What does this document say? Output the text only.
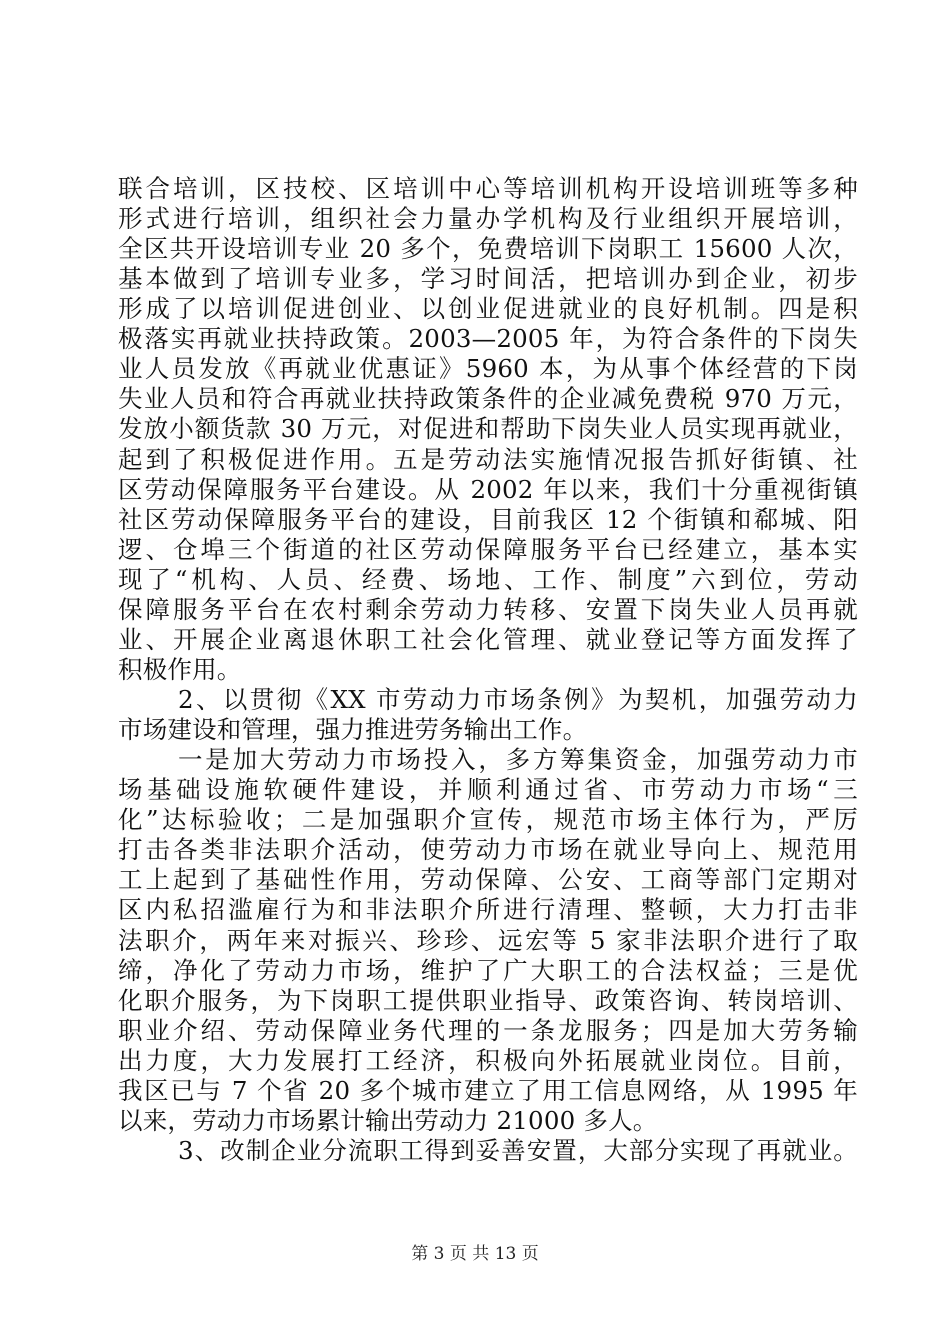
联合培训，区技校、区培训中心等培训机构开设培训班等多种
形式进行培训，组织社会力量办学机构及行业组织开展培训，
全区共开设培训专业 20 多个，免费培训下岗职工 15600 人次，
基本做到了培训专业多，学习时间活，把培训办到企业，初步
形成了以培训促进创业、以创业促进就业的良好机制。四是积
极落实再就业扶持政策。2003—2005 年，为符合条件的下岗失
业人员发放《再就业优惠证》5960 本，为从事个体经营的下岗
失业人员和符合再就业扶持政策条件的企业减免费税 970 万元，
发放小额货款 30 万元，对促进和帮助下岗失业人员实现再就业，
起到了积极促进作用。五是劳动法实施情况报告抓好街镇、社
区劳动保障服务平台建设。从 2002 年以来，我们十分重视街镇
社区劳动保障服务平台的建设，目前我区 12 个街镇和郗城、阳
逻、仓埠三个街道的社区劳动保障服务平台已经建立，基本实
现了“机构、人员、经费、场地、工作、制度”六到位，劳动
保障服务平台在农村剩余劳动力转移、安置下岗失业人员再就
业、开展企业离退休职工社会化管理、就业登记等方面发挥了
积极作用。
2、以贯彻《XX 市劳动力市场条例》为契机，加强劳动力
市场建设和管理，强力推进劳务输出工作。
一是加大劳动力市场投入，多方筹集资金，加强劳动力市
场基础设施软硬件建设，并顺利通过省、市劳动力市场“三
化”达标验收；二是加强职介宣传，规范市场主体行为，严厉
打击各类非法职介活动，使劳动力市场在就业导向上、规范用
工上起到了基础性作用，劳动保障、公安、工商等部门定期对
区内私招滥雇行为和非法职介所进行清理、整顿，大力打击非
法职介，两年来对振兴、珍珍、远宏等 5 家非法职介进行了取
缔，净化了劳动力市场，维护了广大职工的合法权益；三是优
化职介服务，为下岗职工提供职业指导、政策咨询、转岗培训、
职业介绍、劳动保障业务代理的一条龙服务；四是加大劳务输
出力度，大力发展打工经济，积极向外拓展就业岗位。目前，
我区已与 7 个省 20 多个城市建立了用工信息网络，从 1995 年
以来，劳动力市场累计输出劳动力 21000 多人。
3、改制企业分流职工得到妥善安置，大部分实现了再就业。
第 3 页 共 13 页
